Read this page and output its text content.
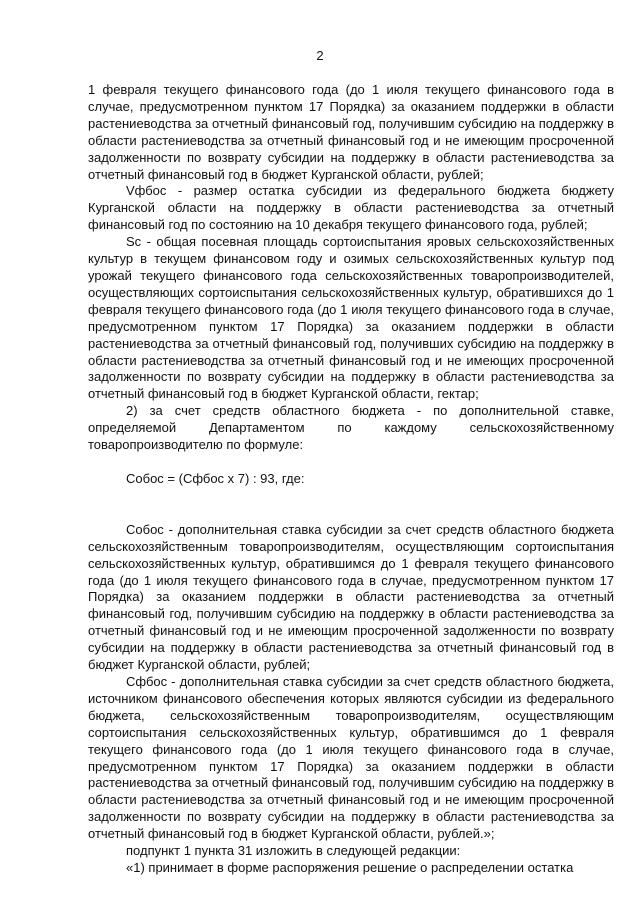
2

1 февраля текущего финансового года (до 1 июля текущего финансового года в случае, предусмотренном пунктом 17 Порядка) за оказанием поддержки в области растениеводства за отчетный финансовый год, получившим субсидию на поддержку в области растениеводства за отчетный финансовый год и не имеющим просроченной задолженности по возврату субсидии на поддержку в области растениеводства за отчетный финансовый год в бюджет Курганской области, рублей;

Vфбос - размер остатка субсидии из федерального бюджета бюджету Курганской области на поддержку в области растениеводства за отчетный финансовый год по состоянию на 10 декабря текущего финансового года, рублей;

Sc - общая посевная площадь сортоиспытания яровых сельскохозяйственных культур в текущем финансовом году и озимых сельскохозяйственных культур под урожай текущего финансового года сельскохозяйственных товаропроизводителей, осуществляющих сортоиспытания сельскохозяйственных культур, обратившихся до 1 февраля текущего финансового года (до 1 июля текущего финансового года в случае, предусмотренном пунктом 17 Порядка) за оказанием поддержки в области растениеводства за отчетный финансовый год, получивших субсидию на поддержку в области растениеводства за отчетный финансовый год и не имеющих просроченной задолженности по возврату субсидии на поддержку в области растениеводства за отчетный финансовый год в бюджет Курганской области, гектар;

2) за счет средств областного бюджета - по дополнительной ставке, определяемой Департаментом по каждому сельскохозяйственному товаропроизводителю по формуле:

Cобос = (Cфбос х 7) : 93, где:

Cобос - дополнительная ставка субсидии за счет средств областного бюджета сельскохозяйственным товаропроизводителям, осуществляющим сортоиспытания сельскохозяйственных культур, обратившимся до 1 февраля текущего финансового года (до 1 июля текущего финансового года в случае, предусмотренном пунктом 17 Порядка) за оказанием поддержки в области растениеводства за отчетный финансовый год, получившим субсидию на поддержку в области растениеводства за отчетный финансовый год и не имеющим просроченной задолженности по возврату субсидии на поддержку в области растениеводства за отчетный финансовый год в бюджет Курганской области, рублей;

Cфбос - дополнительная ставка субсидии за счет средств областного бюджета, источником финансового обеспечения которых являются субсидии из федерального бюджета, сельскохозяйственным товаропроизводителям, осуществляющим сортоиспытания сельскохозяйственных культур, обратившимся до 1 февраля текущего финансового года (до 1 июля текущего финансового года в случае, предусмотренном пунктом 17 Порядка) за оказанием поддержки в области растениеводства за отчетный финансовый год, получившим субсидию на поддержку в области растениеводства за отчетный финансовый год и не имеющим просроченной задолженности по возврату субсидии на поддержку в области растениеводства за отчетный финансовый год в бюджет Курганской области, рублей.»;

подпункт 1 пункта 31 изложить в следующей редакции:

«1) принимает в форме распоряжения решение о распределении остатка
